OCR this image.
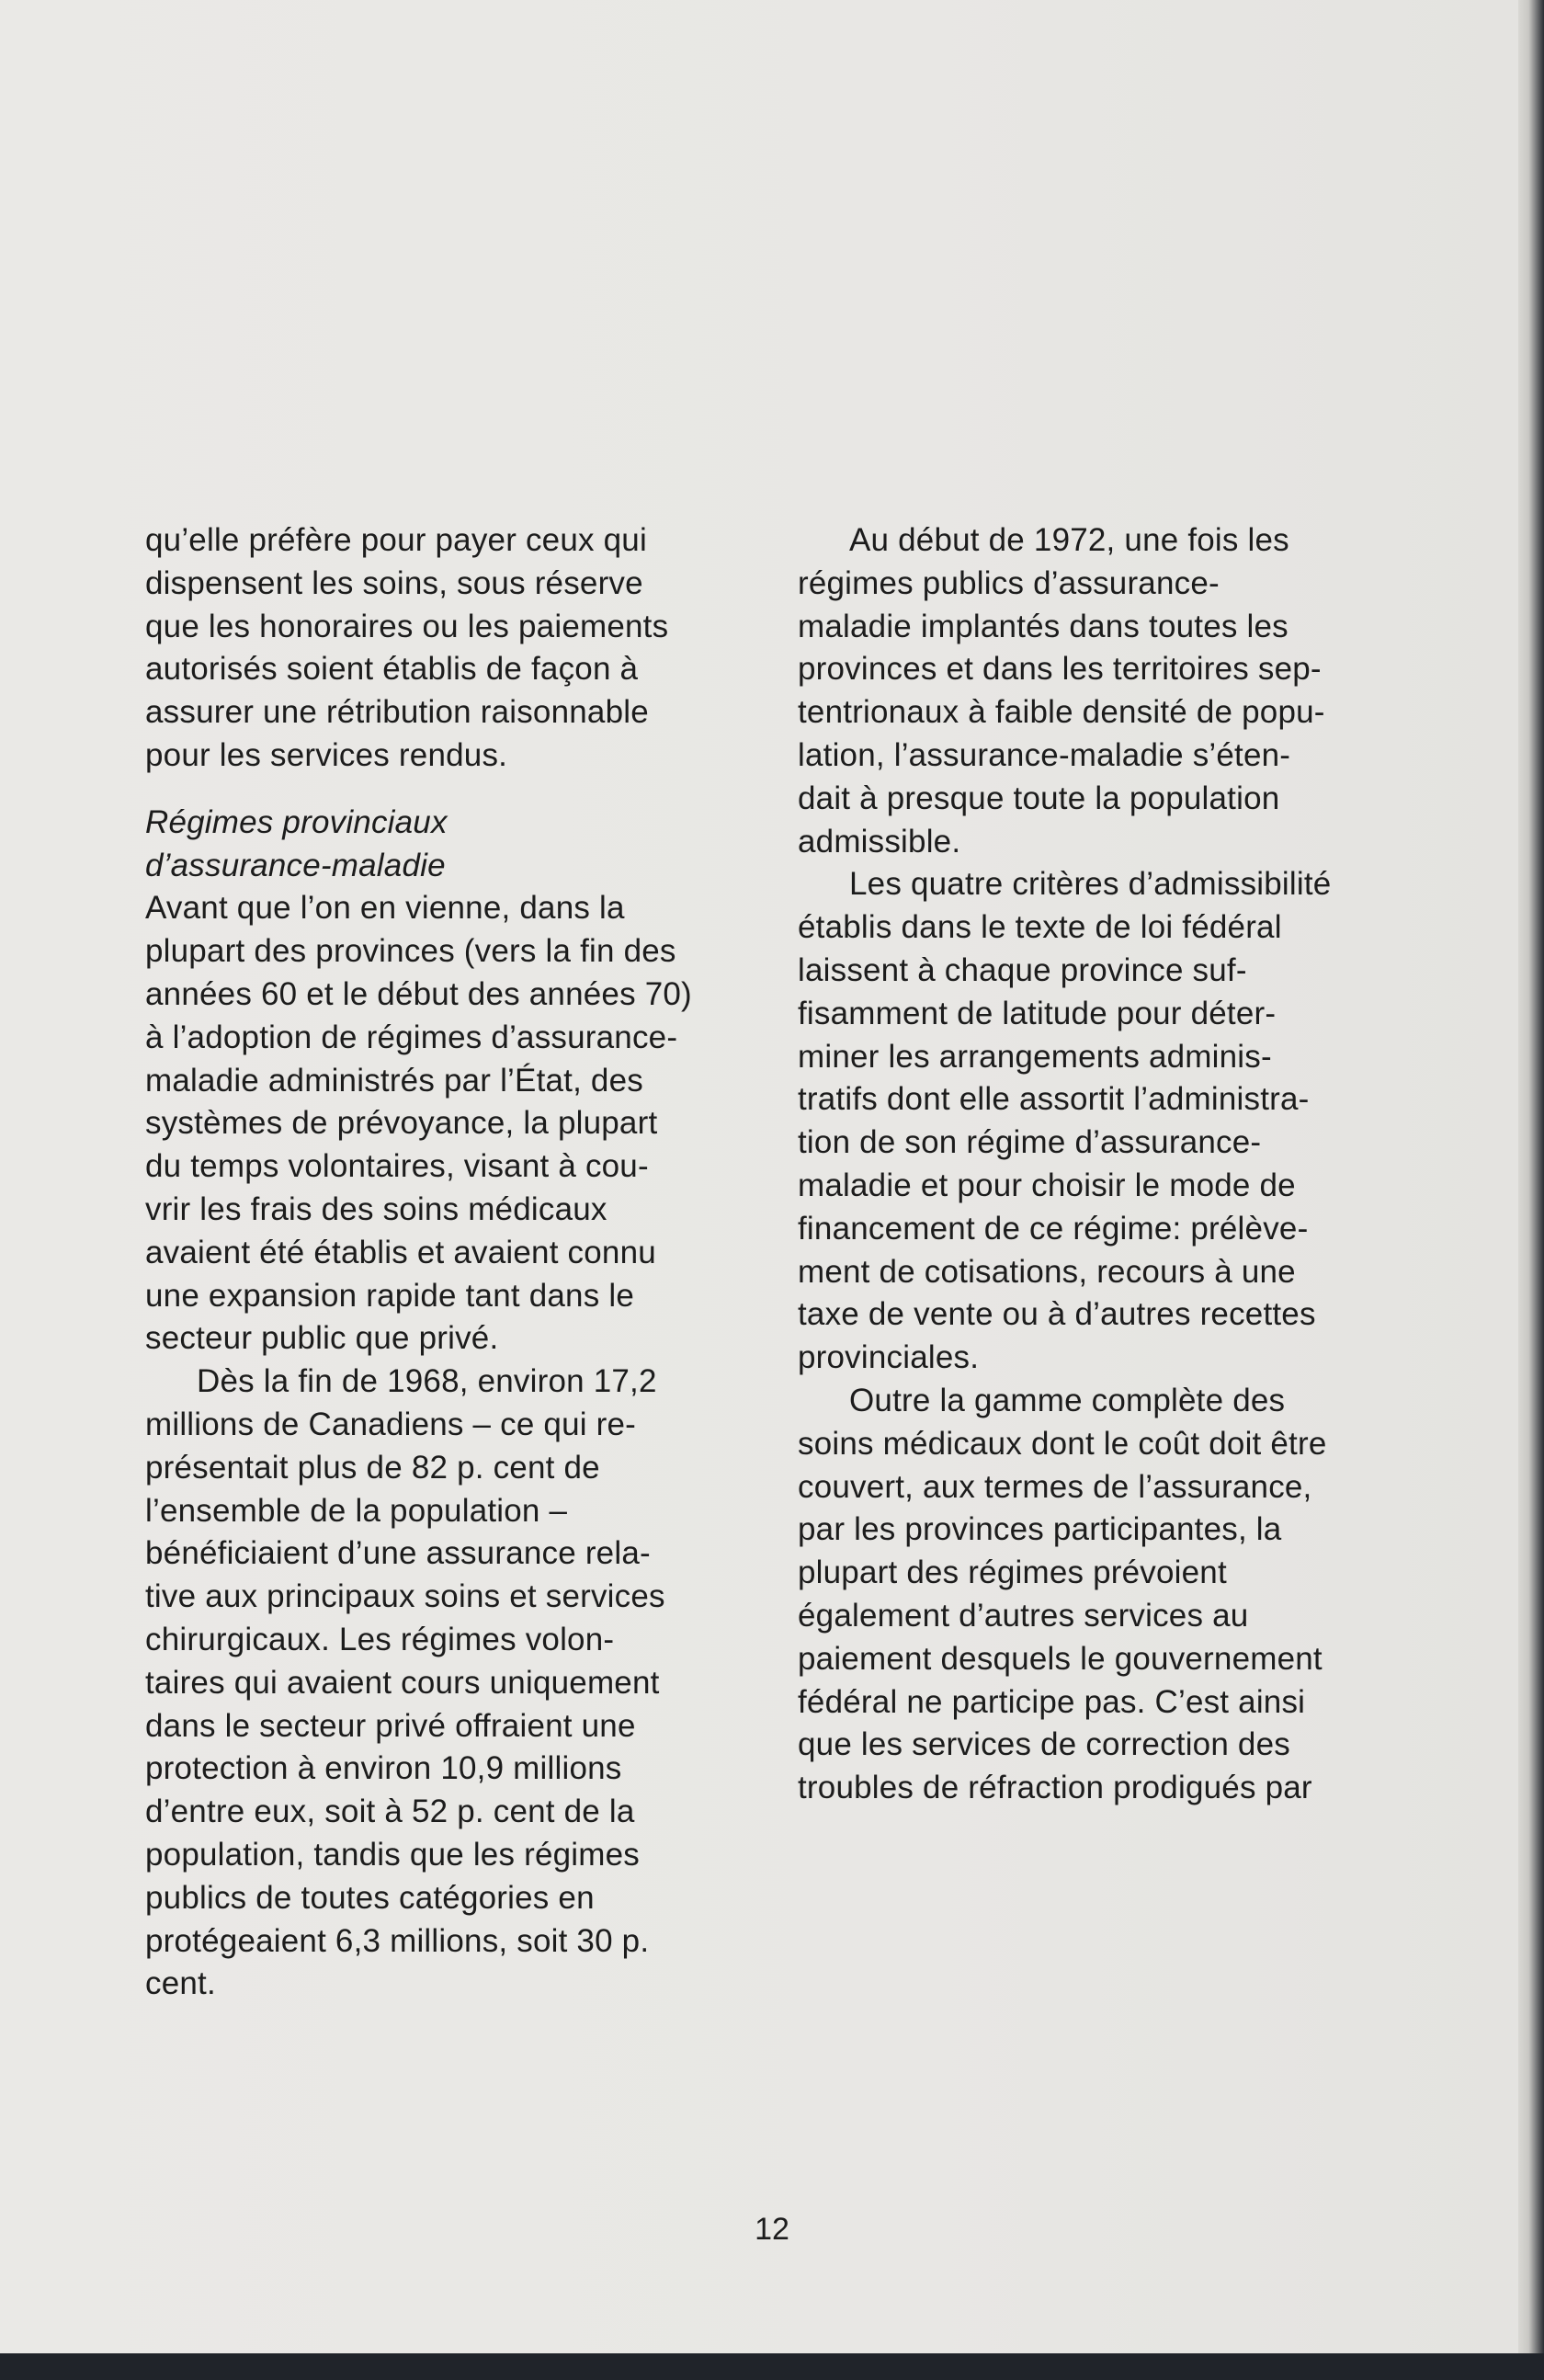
qu’elle préfère pour payer ceux qui
dispensent les soins, sous réserve
que les honoraires ou les paiements
autorisés soient établis de façon à
assurer une rétribution raisonnable
pour les services rendus.

Régimes provinciaux
d’assurance-maladie

Avant que l’on en vienne, dans la
plupart des provinces (vers la fin des
années 60 et le début des années 70)
à l’adoption de régimes d’assurance-
maladie administrés par l’État, des
systèmes de prévoyance, la plupart
du temps volontaires, visant à cou-
vrir les frais des soins médicaux
avaient été établis et avaient connu
une expansion rapide tant dans le
secteur public que privé.

Dès la fin de 1968, environ 17,2
millions de Canadiens – ce qui re-
présentait plus de 82 p. cent de
l’ensemble de la population –
bénéficiaient d’une assurance rela-
tive aux principaux soins et services
chirurgicaux. Les régimes volon-
taires qui avaient cours uniquement
dans le secteur privé offraient une
protection à environ 10,9 millions
d’entre eux, soit à 52 p. cent de la
population, tandis que les régimes
publics de toutes catégories en
protégeaient 6,3 millions, soit 30 p.
cent.

Au début de 1972, une fois les
régimes publics d’assurance-
maladie implantés dans toutes les
provinces et dans les territoires sep-
tentrionaux à faible densité de popu-
lation, l’assurance-maladie s’éten-
dait à presque toute la population
admissible.

Les quatre critères d’admissibilité
établis dans le texte de loi fédéral
laissent à chaque province suf-
fisamment de latitude pour déter-
miner les arrangements adminis-
tratifs dont elle assortit l’administra-
tion de son régime d’assurance-
maladie et pour choisir le mode de
financement de ce régime: prélève-
ment de cotisations, recours à une
taxe de vente ou à d’autres recettes
provinciales.

Outre la gamme complète des
soins médicaux dont le coût doit être
couvert, aux termes de l’assurance,
par les provinces participantes, la
plupart des régimes prévoient
également d’autres services au
paiement desquels le gouvernement
fédéral ne participe pas. C’est ainsi
que les services de correction des
troubles de réfraction prodigués par

12
